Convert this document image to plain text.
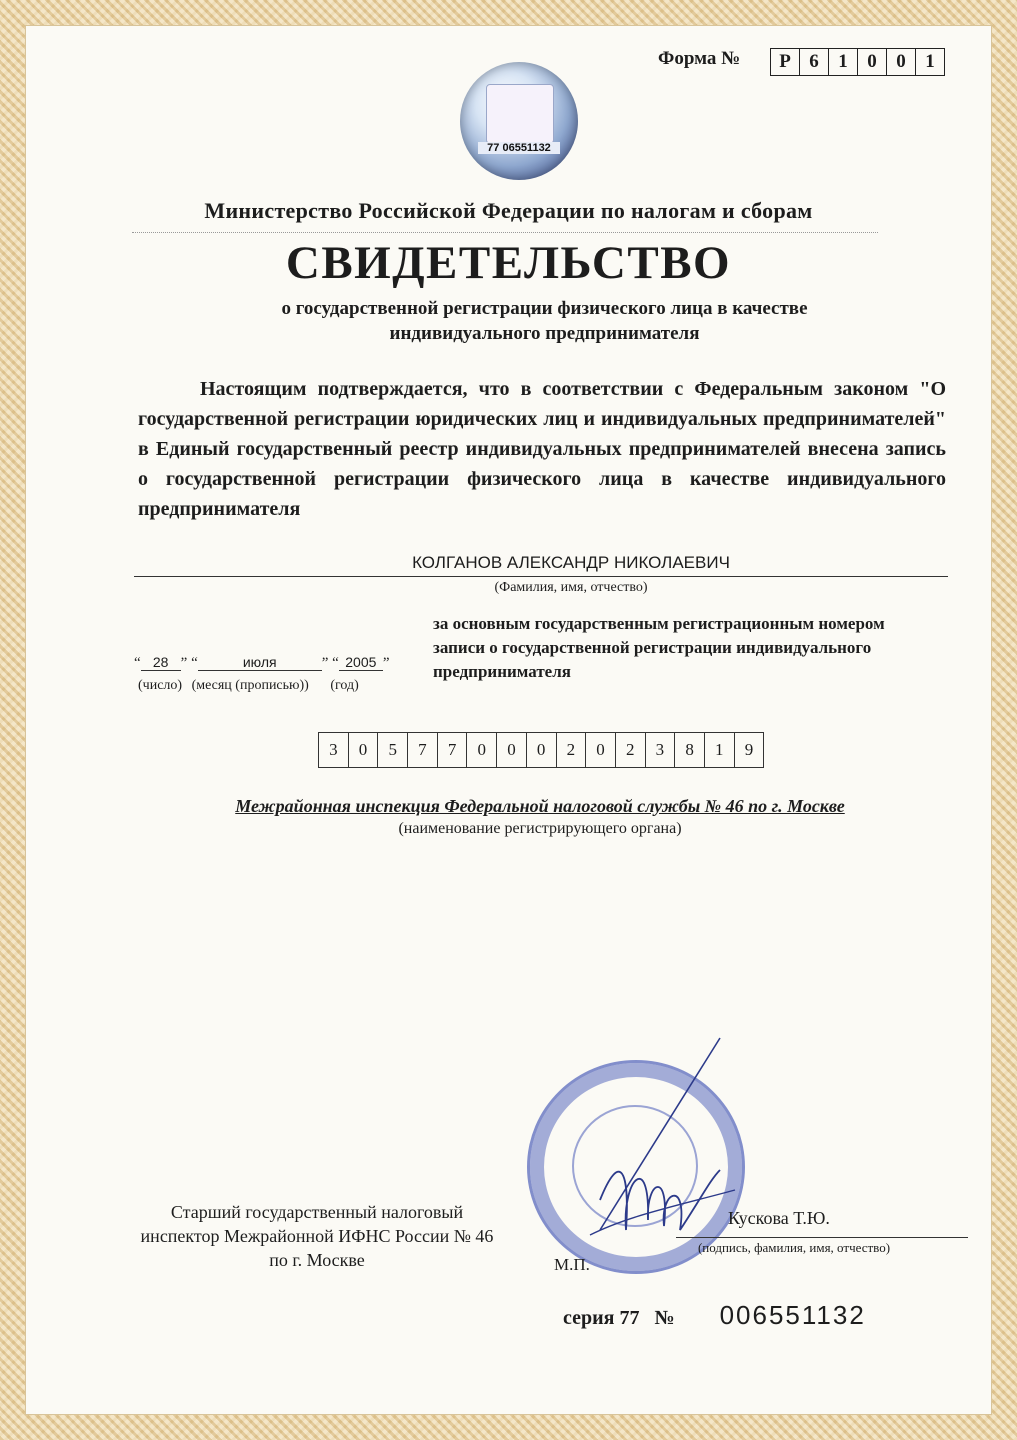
Форма №	Р 6	1	0	0	1
77 06551132
Министерство Российской Федерации по налогам и сборам
СВИДЕТЕЛЬСТВО
о государственной регистрации физического лица в качестве
индивидуального предпринимателя
Настоящим подтверждается, что в соответствии с Федеральным законом "О государственной регистрации юридических лиц и индивидуальных предпринимателей" в Единый государственный реестр индивидуальных предпринимателей внесена запись о государственной регистрации физического лица в качестве индивидуального предпринимателя
КОЛГАНОВ АЛЕКСАНДР НИКОЛАЕВИЧ
(Фамилия, имя, отчество)
“ 28 ” “	июля	” “ 2005 ”
(число) (месяц (прописью)) (год)
за основным государственным регистрационным номером записи о государственной регистрации индивидуального предпринимателя
3	0	5	7	7	0	0	0	2	0	2	3	8	1	9
Межрайонная инспекция Федеральной налоговой службы № 46 по г. Москве
(наименование регистрирующего органа)
Старший государственный налоговый
инспектор Межрайонной ИФНС России № 46
по г. Москве
Кускова Т.Ю.
(подпись, фамилия, имя, отчество)
М.П.
серия 77 № 006551132
